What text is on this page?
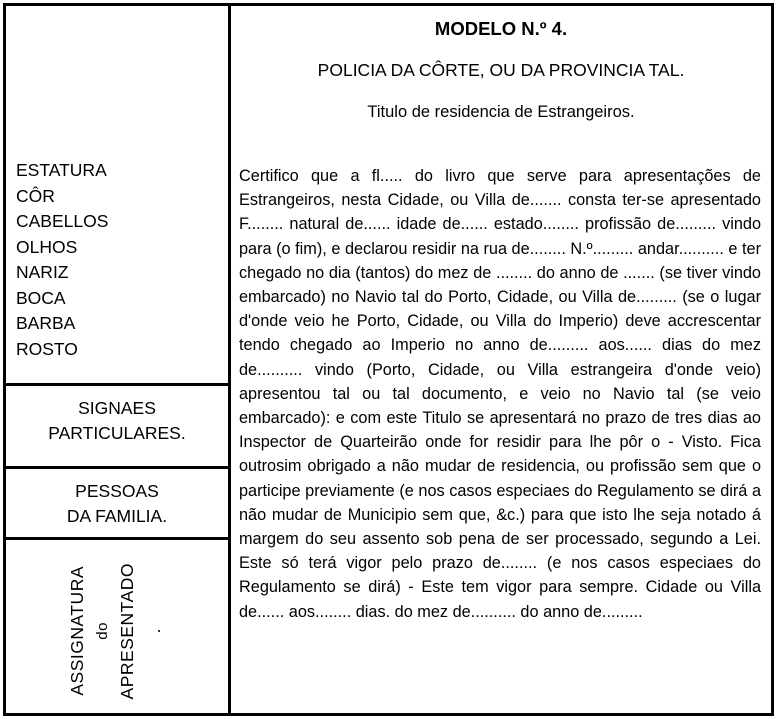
ESTATURA
CÔR
CABELLOS
OLHOS
NARIZ
BOCA
BARBA
ROSTO
SIGNAES
PARTICULARES.
PESSOAS
DA FAMILIA.
ASSIGNATURA do APRESENTADO .
MODELO N.º 4.
POLICIA DA CÔRTE, OU DA PROVINCIA TAL.
Titulo de residencia de Estrangeiros.
Certifico que a fl..... do livro que serve para apresentações de Estrangeiros, nesta Cidade, ou Villa de....... consta ter-se apresentado F........ natural de...... idade de...... estado........ profissão de......... vindo para (o fim), e declarou residir na rua de........ N.º......... andar.......... e ter chegado no dia (tantos) do mez de ........ do anno de ....... (se tiver vindo embarcado) no Navio tal do Porto, Cidade, ou Villa de......... (se o lugar d'onde veio he Porto, Cidade, ou Villa do Imperio) deve accrescentar tendo chegado ao Imperio no anno de......... aos...... dias do mez de.......... vindo (Porto, Cidade, ou Villa estrangeira d'onde veio) apresentou tal ou tal documento, e veio no Navio tal (se veio embarcado): e com este Titulo se apresentará no prazo de tres dias ao Inspector de Quarteirão onde for residir para lhe pôr o - Visto. Fica outrosim obrigado a não mudar de residencia, ou profissão sem que o participe previamente (e nos casos especiaes do Regulamento se dirá a não mudar de Municipio sem que, &c.) para que isto lhe seja notado á margem do seu assento sob pena de ser processado, segundo a Lei. Este só terá vigor pelo prazo de........ (e nos casos especiaes do Regulamento se dirá) - Este tem vigor para sempre. Cidade ou Villa de...... aos........ dias. do mez de.......... do anno de.........
